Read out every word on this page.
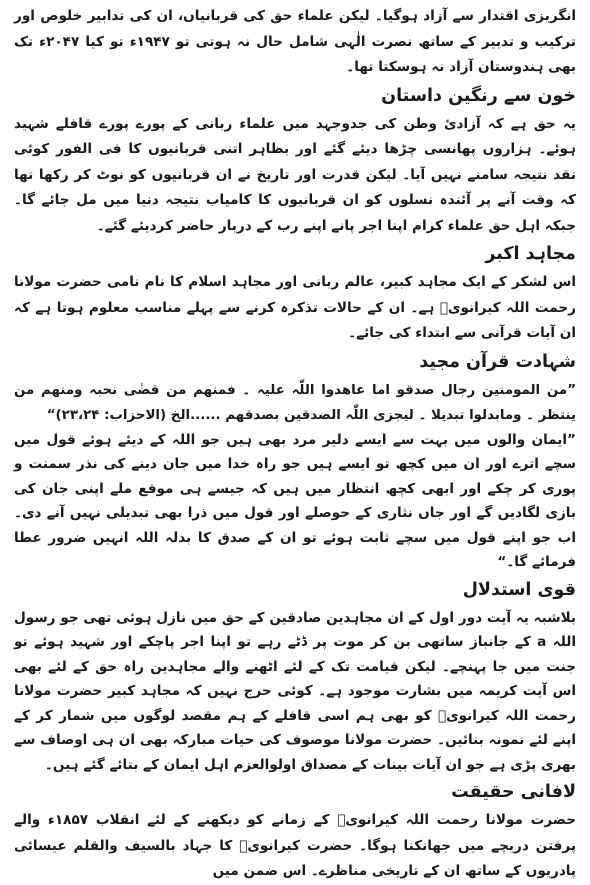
انگریزی اقتدار سے آزاد ہوگیا۔ لیکن علماء حق کی قربانیاں، ان کی تدابیر خلوص اور ترکیب و تدبیر کے ساتھ نصرت الٰہی شامل حال نہ ہوتی تو ۱۹۴۷ء تو کیا ۲۰۴۷ء تک بھی ہندوستان آزاد نہ ہوسکتا تھا۔

خون سے رنگین داستان

یہ حق ہے کہ آزادیٔ وطن کی جدوجہد میں علماء ربانی کے پورے پورے قافلے شہید ہوئے۔ ہزاروں پھانسی چڑھا دیئے گئے اور بظاہر اتنی قربانیوں کا فی الفور کوئی نقد نتیجہ سامنے نہیں آیا۔ لیکن قدرت اور تاریخ نے ان قربانیوں کو نوٹ کر رکھا تھا کہ وقت آنے پر آئندہ نسلوں کو ان قربانیوں کا کامیاب نتیجہ دنیا میں مل جائے گا۔ جبکہ اہل حق علماء کرام اپنا اجر پانے اپنے رب کے دربار حاضر کردیئے گئے۔

مجاہد اکبر

اس لشکر کے ایک مجاہد کبیر، عالم ربانی اور مجاہد اسلام کا نام نامی حضرت مولانا رحمت اللہ کیرانویؒ ہے۔ ان کے حالات تذکرہ کرنے سے پہلے مناسب معلوم ہوتا ہے کہ ان آیات قرآنی سے ابتداء کی جائے۔

شہادت قرآن مجید

”من المومنین رجال صدقو اما عاھدوا اللّٰہ علیہ ۔ فمنھم من قضٰی نحبہ ومنھم من ینتظر ۔ ومابدلوا تبدیلا ۔ لیجزی اللّٰہ الصدقین بصدقھم ......الخ (الاحزاب: ۲۳،۲۴)“

”ایمان والوں میں بہت سے ایسے دلیر مرد بھی ہیں جو اللہ کے دیئے ہوئے قول میں سچے اترے اور ان میں کچھ تو ایسے ہیں جو راہ خدا میں جان دینے کی نذر سمنت و پوری کر چکے اور ابھی کچھ انتظار میں ہیں کہ جیسے ہی موقع ملے اپنی جان کی بازی لگادیں گے اور جاں نثاری کے حوصلے اور قول میں ذرا بھی تبدیلی نہیں آنے دی۔ اب جو اپنے قول میں سچے ثابت ہوئے تو ان کے صدق کا بدلہ اللہ انہیں ضرور عطا فرمائے گا۔“

قوی استدلال

بلاشبہ یہ آیت دور اول کے ان مجاہدین صادقین کے حق میں نازل ہوئی تھی جو رسول اللہ a کے جانباز ساتھی بن کر موت پر ڈٹے رہے تو اپنا اجر پاچکے اور شہید ہوئے تو جنت میں جا پہنچے۔ لیکن قیامت تک کے لئے اٹھنے والے مجاہدین راہ حق کے لئے بھی اس آیت کریمہ میں بشارت موجود ہے۔ کوئی حرج نہیں کہ مجاہد کبیر حضرت مولانا رحمت اللہ کیرانویؒ کو بھی ہم اسی قافلے کے ہم مقصد لوگوں میں شمار کر کے اپنے لئے نمونہ بنائیں۔ حضرت مولانا موصوف کی حیات مبارکہ بھی ان ہی اوصاف سے بھری پڑی ہے جو ان آیات بینات کے مصداق اولوالعزم اہل ایمان کے بتائے گئے ہیں۔

لافانی حقیقت

حضرت مولانا رحمت اللہ کیرانویؒ کے زمانے کو دیکھنے کے لئے انقلاب ۱۸۵۷ء والے پرفتن دریچے میں جھانکنا ہوگا۔ حضرت کیرانویؒ کا جہاد بالسیف والقلم عیسائی پادریوں کے ساتھ ان کے تاریخی مناظرے۔ اس ضمن میں
